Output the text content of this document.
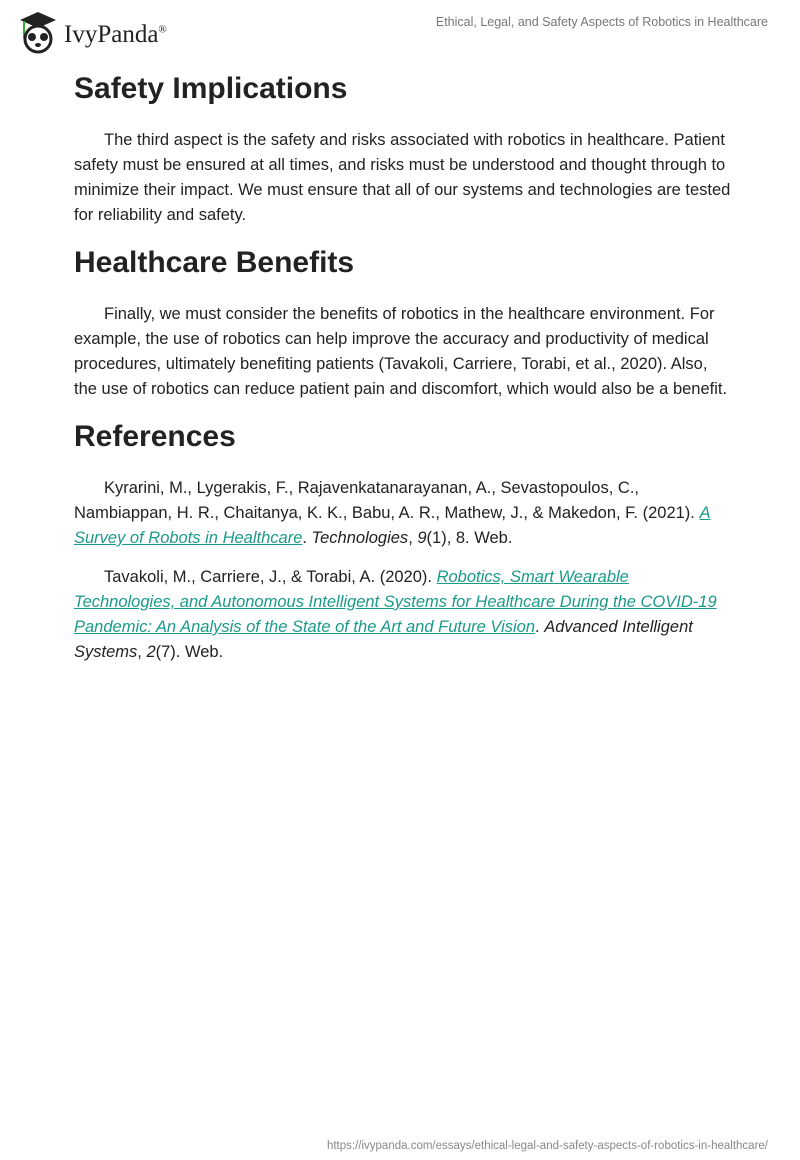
IvyPanda®
Ethical, Legal, and Safety Aspects of Robotics in Healthcare
Safety Implications

The third aspect is the safety and risks associated with robotics in healthcare. Patient safety must be ensured at all times, and risks must be understood and thought through to minimize their impact. We must ensure that all of our systems and technologies are tested for reliability and safety.

Healthcare Benefits

Finally, we must consider the benefits of robotics in the healthcare environment. For example, the use of robotics can help improve the accuracy and productivity of medical procedures, ultimately benefiting patients (Tavakoli, Carriere, Torabi, et al., 2020). Also, the use of robotics can reduce patient pain and discomfort, which would also be a benefit.

References

Kyrarini, M., Lygerakis, F., Rajavenkatanarayanan, A., Sevastopoulos, C., Nambiappan, H. R., Chaitanya, K. K., Babu, A. R., Mathew, J., & Makedon, F. (2021). A Survey of Robots in Healthcare. Technologies, 9(1), 8. Web.

Tavakoli, M., Carriere, J., & Torabi, A. (2020). Robotics, Smart Wearable Technologies, and Autonomous Intelligent Systems for Healthcare During the COVID-19 Pandemic: An Analysis of the State of the Art and Future Vision. Advanced Intelligent Systems, 2(7). Web.

https://ivypanda.com/essays/ethical-legal-and-safety-aspects-of-robotics-in-healthcare/
